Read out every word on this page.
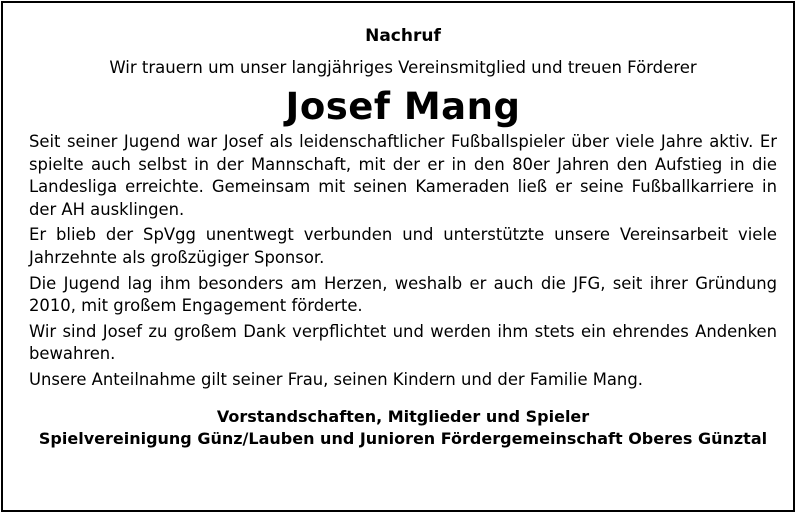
Nachruf
Wir trauern um unser langjähriges Vereinsmitglied und treuen Förderer
Josef Mang

Seit seiner Jugend war Josef als leidenschaftlicher Fußballspieler über viele Jahre aktiv. Er spielte auch selbst in der Mannschaft, mit der er in den 80er Jahren den Aufstieg in die Landesliga erreichte. Gemeinsam mit seinen Kameraden ließ er seine Fußballkarriere in der AH ausklingen.

Er blieb der SpVgg unentwegt verbunden und unterstützte unsere Vereinsarbeit viele Jahrzehnte als großzügiger Sponsor.

Die Jugend lag ihm besonders am Herzen, weshalb er auch die JFG, seit ihrer Gründung 2010, mit großem Engagement förderte.

Wir sind Josef zu großem Dank verpflichtet und werden ihm stets ein ehrendes Andenken bewahren.

Unsere Anteilnahme gilt seiner Frau, seinen Kindern und der Familie Mang.

Vorstandschaften, Mitglieder und Spieler
Spielvereinigung Günz/Lauben und Junioren Fördergemeinschaft Oberes Günztal
